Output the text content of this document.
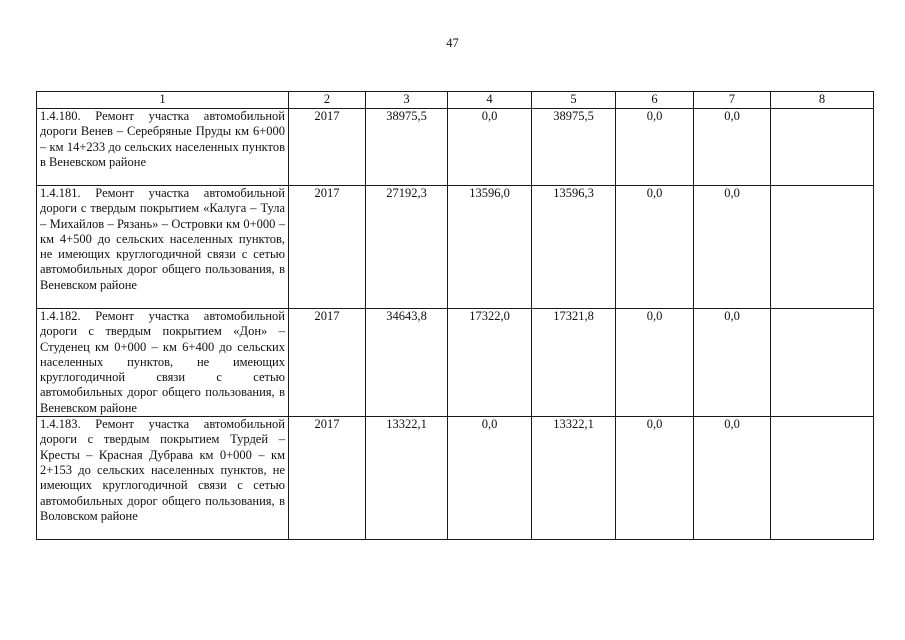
47
1	2	3	4	5	6	7	8
1.4.180. Ремонт участка автомобильной дороги Венев – Серебряные Пруды км 6+000 – км 14+233 до сельских населенных пунктов в Веневском районе	2017	38975,5	0,0	38975,5	0,0	0,0	
1.4.181. Ремонт участка автомобильной дороги с твердым покрытием «Калуга – Тула – Михайлов – Рязань» – Островки км 0+000 – км 4+500 до сельских населенных пунктов, не имеющих круглогодичной связи с сетью автомобильных дорог общего пользования, в Веневском районе	2017	27192,3	13596,0	13596,3	0,0	0,0	
1.4.182. Ремонт участка автомобильной дороги с твердым покрытием «Дон» – Студенец км 0+000 – км 6+400 до сельских населенных пунктов, не имеющих круглогодичной связи с сетью автомобильных дорог общего пользования, в Веневском районе	2017	34643,8	17322,0	17321,8	0,0	0,0	
1.4.183. Ремонт участка автомобильной дороги с твердым покрытием Турдей – Кресты – Красная Дубрава км 0+000 – км 2+153 до сельских населенных пунктов, не имеющих круглогодичной связи с сетью автомобильных дорог общего пользования, в Воловском районе	2017	13322,1	0,0	13322,1	0,0	0,0	
